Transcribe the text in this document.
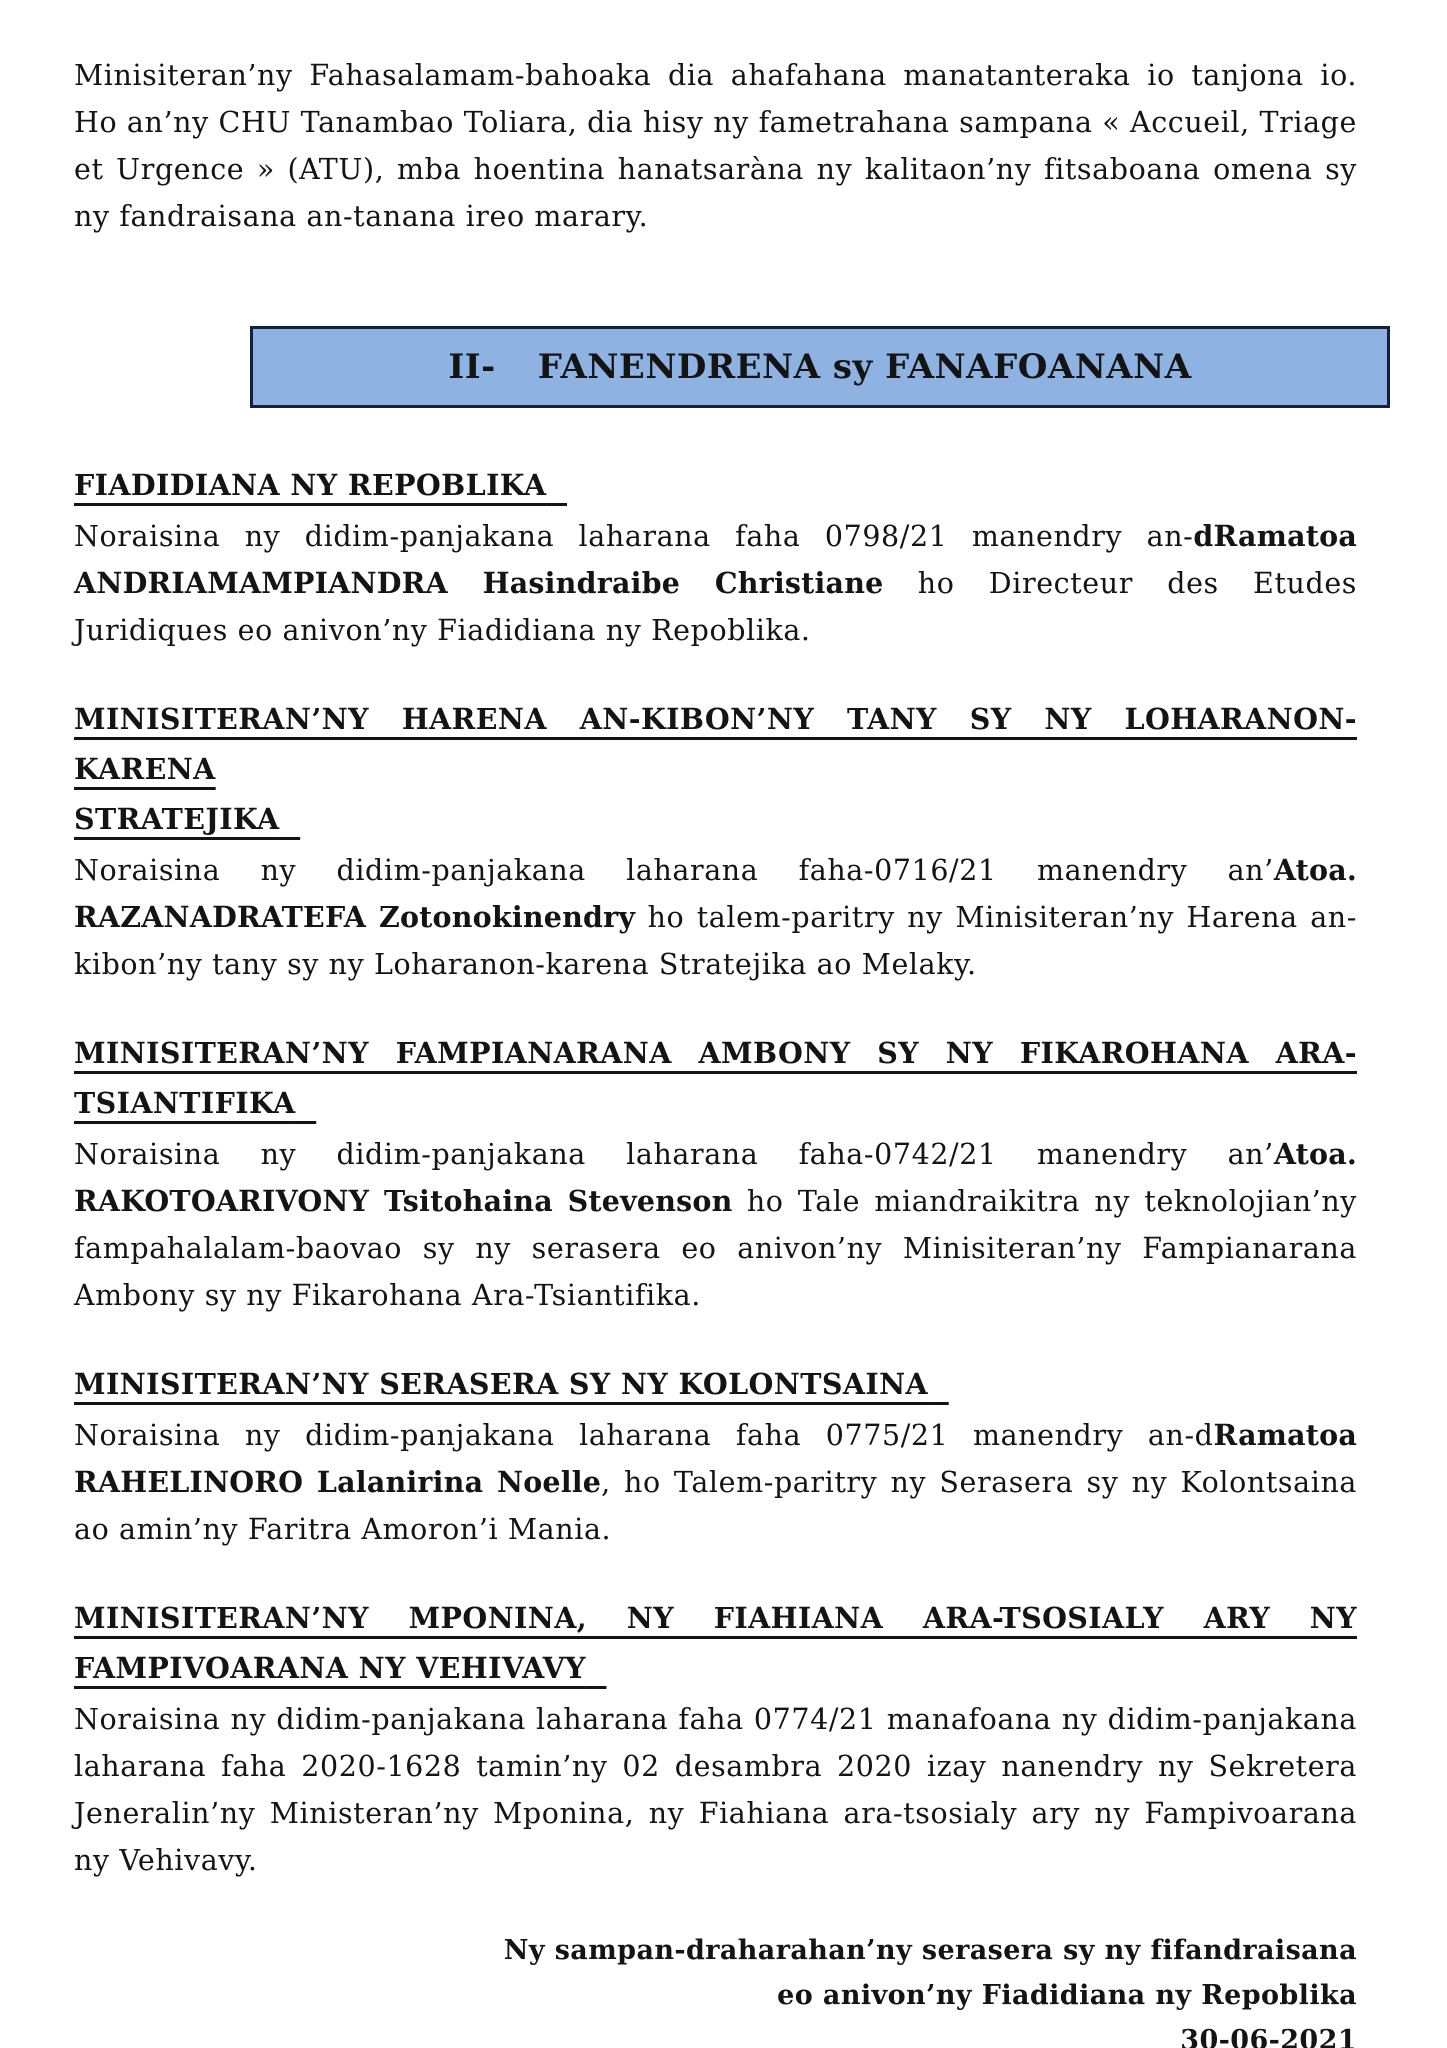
Minisiteran’ny Fahasalamam-bahoaka dia ahafahana manatanteraka io tanjona io. Ho an’ny CHU Tanambao Toliara, dia hisy ny fametrahana sampana « Accueil, Triage et Urgence » (ATU), mba hoentina hanatsaràna ny kalitaon’ny fitsaboana omena sy ny fandraisana an-tanana ireo marary.

II- FANENDRENA sy FANAFOANANA
FIADIDIANA NY REPOBLIKA

Noraisina ny didim-panjakana laharana faha 0798/21 manendry an-dRamatoa ANDRIAMAMPIANDRA Hasindraibe Christiane ho Directeur des Etudes Juridiques eo anivon’ny Fiadidiana ny Repoblika.

MINISITERAN’NY HARENA AN-KIBON’NY TANY SY NY LOHARANON-KARENA
STRATEJIKA

Noraisina ny didim-panjakana laharana faha-0716/21 manendry an’Atoa. RAZANADRATEFA Zotonokinendry ho talem-paritry ny Minisiteran’ny Harena an-kibon’ny tany sy ny Loharanon-karena Stratejika ao Melaky.

MINISITERAN’NY FAMPIANARANA AMBONY SY NY FIKAROHANA ARA-
TSIANTIFIKA

Noraisina ny didim-panjakana laharana faha-0742/21 manendry an’Atoa. RAKOTOARIVONY Tsitohaina Stevenson ho Tale miandraikitra ny teknolojian’ny fampahalalam-baovao sy ny serasera eo anivon’ny Minisiteran’ny Fampianarana Ambony sy ny Fikarohana Ara-Tsiantifika.

MINISITERAN’NY SERASERA SY NY KOLONTSAINA

Noraisina ny didim-panjakana laharana faha 0775/21 manendry an-dRamatoa RAHELINORO Lalanirina Noelle, ho Talem-paritry ny Serasera sy ny Kolontsaina ao amin’ny Faritra Amoron’i Mania.

MINISITERAN’NY MPONINA, NY FIAHIANA ARA-TSOSIALY ARY NY
FAMPIVOARANA NY VEHIVAVY

Noraisina ny didim-panjakana laharana faha 0774/21 manafoana ny didim-panjakana laharana faha 2020-1628 tamin’ny 02 desambra 2020 izay nanendry ny Sekretera Jeneralin’ny Ministeran’ny Mponina, ny Fiahiana ara-tsosialy ary ny Fampivoarana ny Vehivavy.

Ny sampan-draharahan’ny serasera sy ny fifandraisana
eo anivon’ny Fiadidiana ny Repoblika
30-06-2021
